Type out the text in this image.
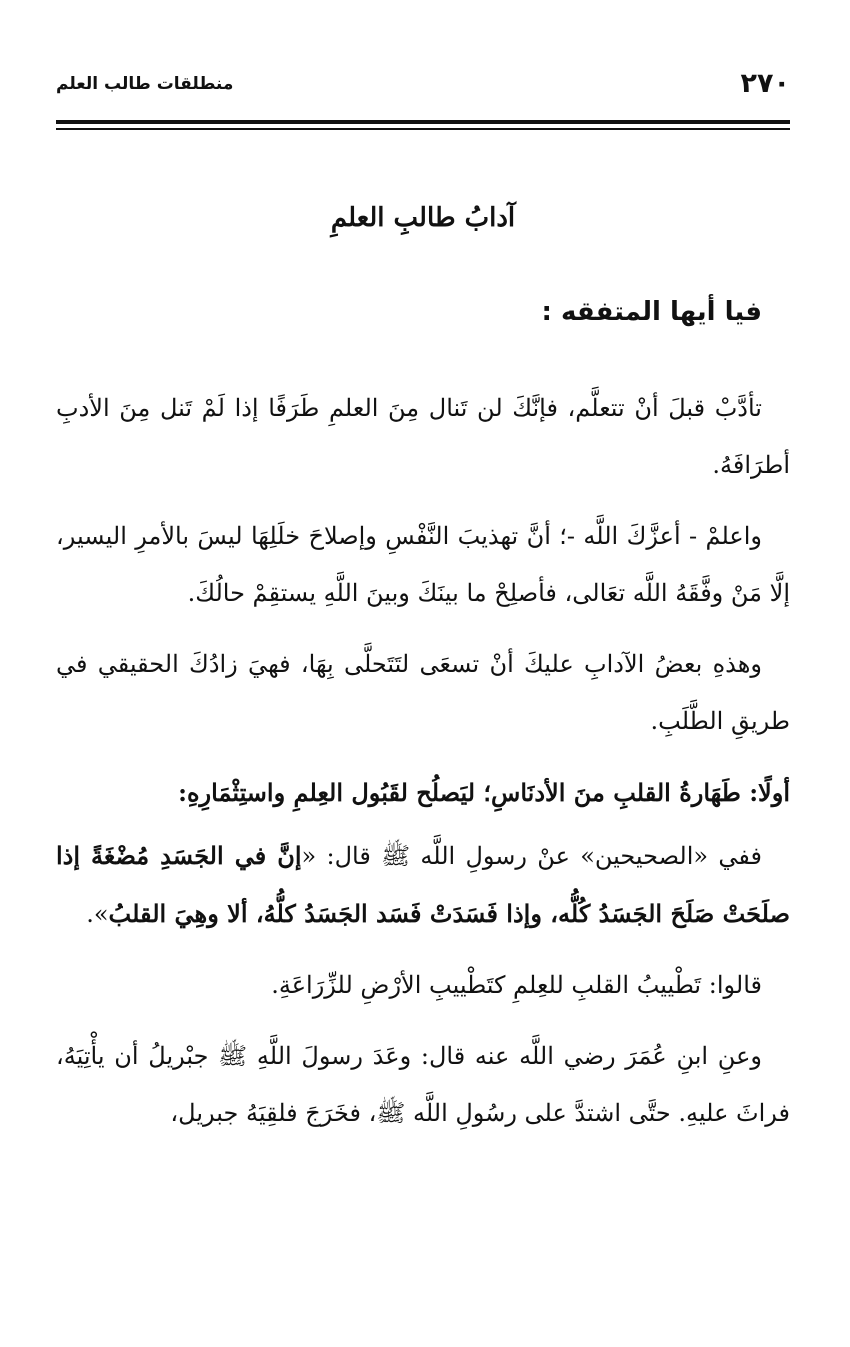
٢٧٠
منطلقات طالب العلم
آدابُ طالبِ العلمِ
فيا أيها المتفقه :

تأدَّبْ قبلَ أنْ تتعلَّم، فإنَّكَ لن تَنال مِنَ العلمِ طَرَفًا إذا لَمْ تَنل مِنَ الأدبِ أطرَافَهُ.

واعلمْ - أعزَّكَ اللَّه -؛ أنَّ تهذيبَ النَّفْسِ وإصلاحَ خلَلِهَا ليسَ بالأمرِ اليسير، إلَّا مَنْ وفَّقَهُ اللَّه تعَالى، فأصلِحْ ما بينَكَ وبينَ اللَّهِ يستقِمْ حالُكَ.

وهذهِ بعضُ الآدابِ عليكَ أنْ تسعَى لتَتَحلَّى بِهَا، فهيَ زادُكَ الحقيقي في طريقِ الطَّلَبِ.

أولًا: طَهَارةُ القلبِ منَ الأدنَاسِ؛ ليَصلُح لقَبُول العِلمِ واستِثْمَارِهِ:

ففي «الصحيحين» عنْ رسولِ اللَّه ﷺ قال: «إنَّ في الجَسَدِ مُضْغَةً إذا صلَحَتْ صَلَحَ الجَسَدُ كُلُّه، وإذا فَسَدَتْ فَسَد الجَسَدُ كلُّهُ، ألا وهِيَ القلبُ».

قالوا: تَطْييبُ القلبِ للعِلمِ كتَطْييبِ الأرْضِ للزِّرَاعَةِ.

وعنِ ابنِ عُمَرَ رضي اللَّه عنه قال: وعَدَ رسولَ اللَّهِ ﷺ جبْريلُ أن يأْتِيَهُ، فراثَ عليهِ. حتَّى اشتدَّ على رسُولِ اللَّه ﷺ، فخَرَجَ فلقِيَهُ جبريل،
